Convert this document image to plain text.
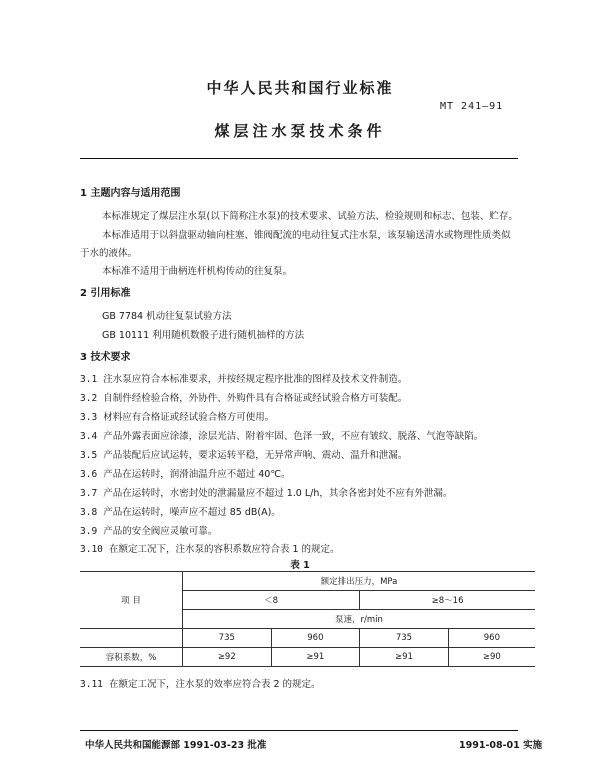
中华人民共和国行业标准
MT 241—91
煤层注水泵技术条件
1 主题内容与适用范围
本标准规定了煤层注水泵(以下简称注水泵)的技术要求、试验方法、检验规则和标志、包装、贮存。
本标准适用于以斜盘驱动轴向柱塞、锥阀配流的电动往复式注水泵，该泵输送清水或物理性质类似
于水的液体。
本标准不适用于曲柄连杆机构传动的往复泵。
2 引用标准
GB 7784 机动往复泵试验方法
GB 10111 利用随机数骰子进行随机抽样的方法
3 技术要求
3.1 注水泵应符合本标准要求，并按经规定程序批准的图样及技术文件制造。
3.2 自制件经检验合格，外协件、外购件具有合格证或经试验合格方可装配。
3.3 材料应有合格证或经试验合格方可使用。
3.4 产品外露表面应涂漆，涂层光洁、附着牢固、色泽一致，不应有皱纹、脱落、气泡等缺陷。
3.5 产品装配后应试运转，要求运转平稳，无异常声响、震动、温升和泄漏。
3.6 产品在运转时，润滑油温升应不超过 40℃。
3.7 产品在运转时，水密封处的泄漏量应不超过 1.0 L/h，其余各密封处不应有外泄漏。
3.8 产品在运转时，噪声应不超过 85 dB(A)。
3.9 产品的安全阀应灵敏可靠。
3.10 在额定工况下，注水泵的容积系数应符合表 1 的规定。
表 1
项 目	额定排出压力，MPa			
	＜8		≥8～16	
	泵速，r/min			
	735	960	735	960
容积系数，%	≥92	≥91	≥91	≥90
3.11 在额定工况下，注水泵的效率应符合表 2 的规定。
中华人民共和国能源部 1991-03-23 批准	1991-08-01 实施
